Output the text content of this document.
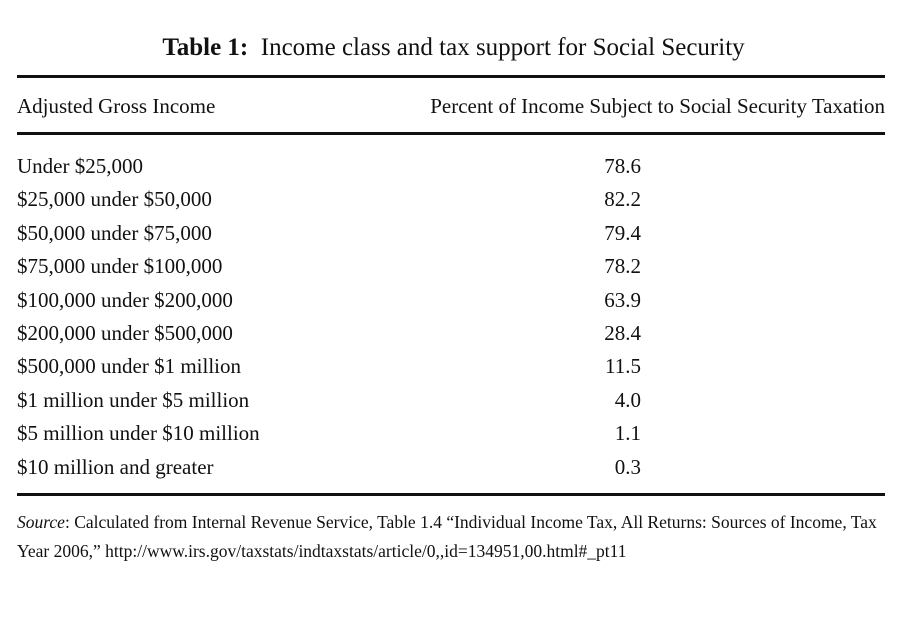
Table 1: Income class and tax support for Social Security
Adjusted Gross Income	Percent of Income Subject to Social Security Taxation
Under $25,000	78.6
$25,000 under $50,000	82.2
$50,000 under $75,000	79.4
$75,000 under $100,000	78.2
$100,000 under $200,000	63.9
$200,000 under $500,000	28.4
$500,000 under $1 million	11.5
$1 million under $5 million	4.0
$5 million under $10 million	1.1
$10 million and greater	0.3
Source: Calculated from Internal Revenue Service, Table 1.4 “Individual Income Tax, All Returns: Sources of Income, Tax Year 2006,” http://www.irs.gov/taxstats/indtaxstats/article/0,,id=134951,00.html#_pt11
